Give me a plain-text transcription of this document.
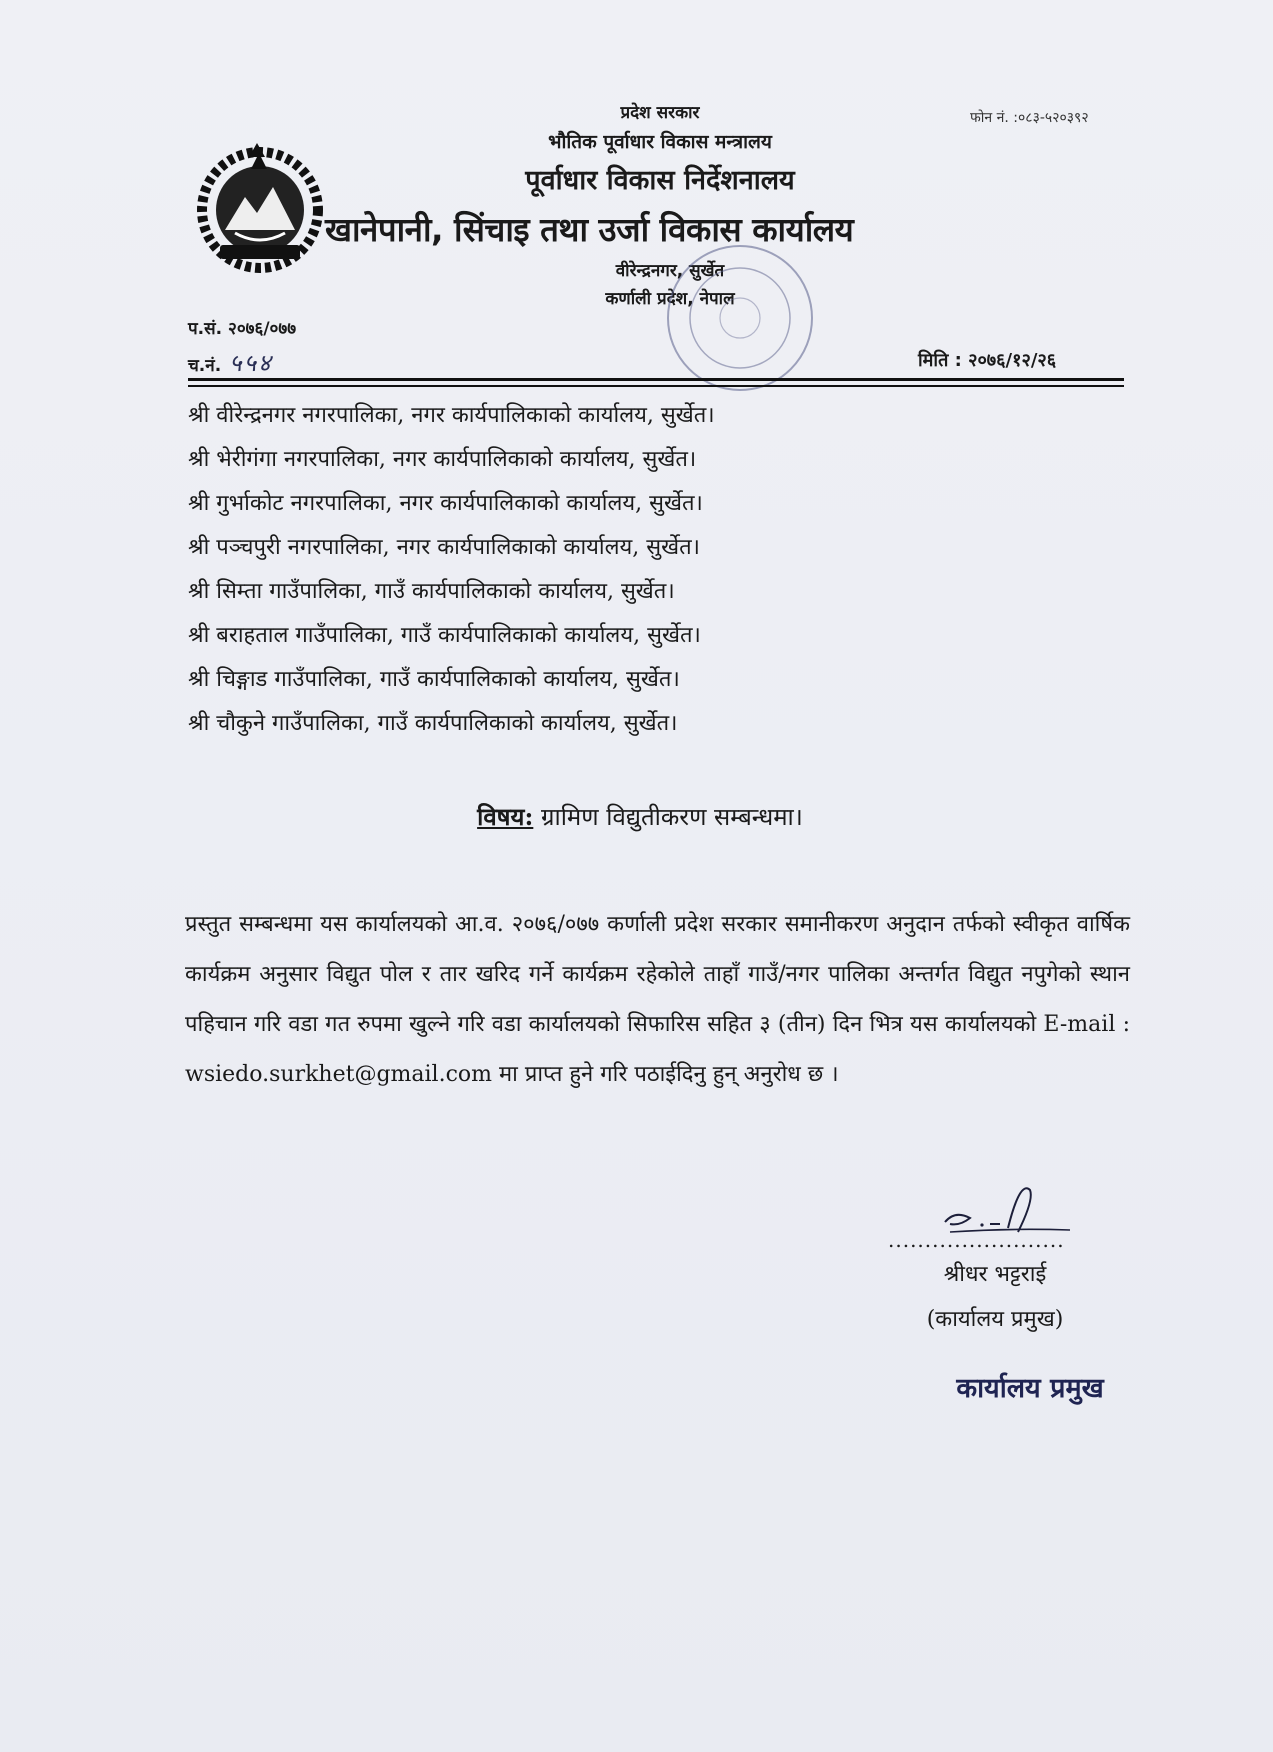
फोन नं. :०८३-५२०३९२
प्रदेश सरकार
भौतिक पूर्वाधार विकास मन्त्रालय
पूर्वाधार विकास निर्देशनालय
खानेपानी, सिंचाइ तथा उर्जा विकास कार्यालय
वीरेन्द्रनगर, सुर्खेत
कर्णाली प्रदेश, नेपाल
प.सं. २०७६/०७७
च.नं. ५५४	मिति : २०७६/१२/२६
श्री वीरेन्द्रनगर नगरपालिका, नगर कार्यपालिकाको कार्यालय, सुर्खेत।
श्री भेरीगंगा नगरपालिका, नगर कार्यपालिकाको कार्यालय, सुर्खेत।
श्री गुर्भाकोट नगरपालिका, नगर कार्यपालिकाको कार्यालय, सुर्खेत।
श्री पञ्चपुरी नगरपालिका, नगर कार्यपालिकाको कार्यालय, सुर्खेत।
श्री सिम्ता गाउँपालिका, गाउँ कार्यपालिकाको कार्यालय, सुर्खेत।
श्री बराहताल गाउँपालिका, गाउँ कार्यपालिकाको कार्यालय, सुर्खेत।
श्री चिङ्गाड गाउँपालिका, गाउँ कार्यपालिकाको कार्यालय, सुर्खेत।
श्री चौकुने गाउँपालिका, गाउँ कार्यपालिकाको कार्यालय, सुर्खेत।
विषय: ग्रामिण विद्युतीकरण सम्बन्धमा।
प्रस्तुत सम्बन्धमा यस कार्यालयको आ.व. २०७६/०७७ कर्णाली प्रदेश सरकार समानीकरण अनुदान तर्फको स्वीकृत वार्षिक कार्यक्रम अनुसार विद्युत पोल र तार खरिद गर्ने कार्यक्रम रहेकोले ताहाँ गाउँ/नगर पालिका अन्तर्गत विद्युत नपुगेको स्थान पहिचान गरि वडा गत रुपमा खुल्ने गरि वडा कार्यालयको सिफारिस सहित ३ (तीन) दिन भित्र यस कार्यालयको E-mail : wsiedo.surkhet@gmail.com मा प्राप्त हुने गरि पठाईदिनु हुन् अनुरोध छ ।
........................
श्रीधर भट्टराई
(कार्यालय प्रमुख)
कार्यालय प्रमुख
